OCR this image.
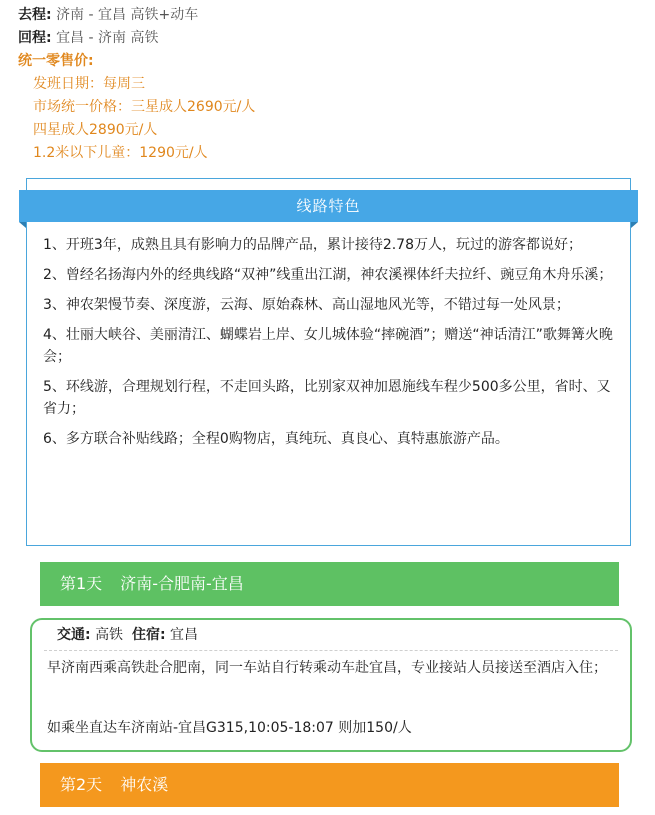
去程: 济南 - 宜昌 高铁+动车
回程: 宜昌 - 济南 高铁
统一零售价:
发班日期：每周三
市场统一价格：三星成人2690元/人
四星成人2890元/人
1.2米以下儿童：1290元/人
线路特色
1、开班3年，成熟且具有影响力的品牌产品，累计接待2.78万人，玩过的游客都说好；
2、曾经名扬海内外的经典线路“双神”线重出江湖，神农溪裸体纤夫拉纤、豌豆角木舟乐溪；
3、神农架慢节奏、深度游，云海、原始森林、高山湿地风光等，不错过每一处风景；
4、壮丽大峡谷、美丽清江、蝴蝶岩上岸、女儿城体验“摔碗酒”；赠送“神话清江”歌舞篝火晚会；
5、环线游，合理规划行程，不走回头路，比别家双神加恩施线车程少500多公里，省时、又省力；
6、多方联合补贴线路；全程0购物店，真纯玩、真良心、真特惠旅游产品。
第1天 济南-合肥南-宜昌
交通: 高铁 住宿: 宜昌
早济南西乘高铁赴合肥南，同一车站自行转乘动车赴宜昌，专业接站人员接送至酒店入住；
如乘坐直达车济南站-宜昌G315,10:05-18:07 则加150/人
第2天 神农溪
